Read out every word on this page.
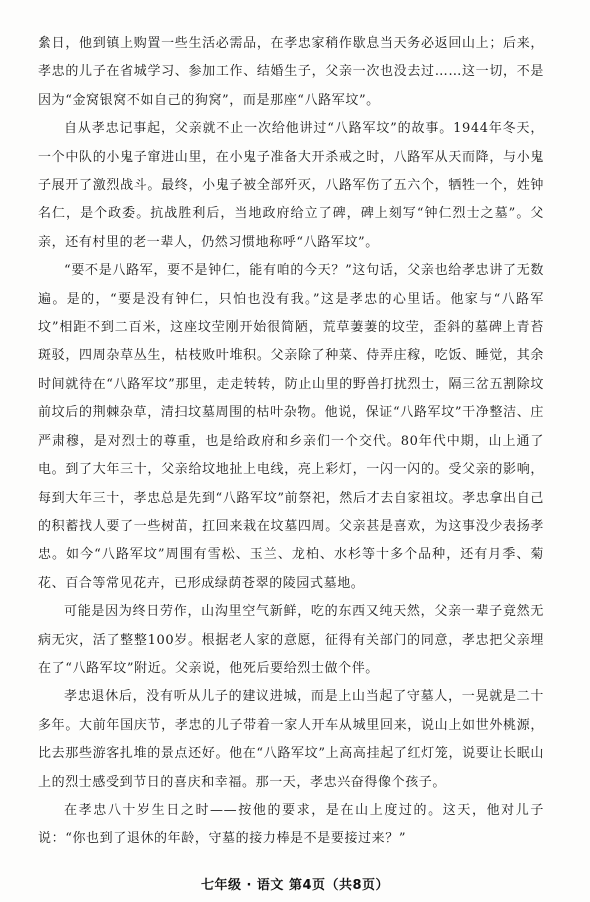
絫日，他到镇上购置一些生活必需品，在孝忠家稍作歇息当天务必返回山上；后来，孝忠的儿子在省城学习、参加工作、结婚生子，父亲一次也没去过……这一切，不是因为“金窝银窝不如自己的狗窝”，而是那座“八路军坟”。

自从孝忠记事起，父亲就不止一次给他讲过“八路军坟”的故事。1944年冬天，一个中队的小鬼子窜进山里，在小鬼子准备大开杀戒之时，八路军从天而降，与小鬼子展开了激烈战斗。最终，小鬼子被全部歼灭，八路军伤了五六个，牺牲一个，姓钟名仁，是个政委。抗战胜利后，当地政府给立了碑，碑上刻写“钟仁烈士之墓”。父亲，还有村里的老一辈人，仍然习惯地称呼“八路军坟”。

“要不是八路军，要不是钟仁，能有咱的今天？”这句话，父亲也给孝忠讲了无数遍。是的，“要是没有钟仁，只怕也没有我。”这是孝忠的心里话。他家与“八路军坟”相距不到二百米，这座坟茔刚开始很简陋，荒草萋萋的坟茔，歪斜的墓碑上青苔斑驳，四周杂草丛生，枯枝败叶堆积。父亲除了种菜、侍弄庄稼，吃饭、睡觉，其余时间就待在“八路军坟”那里，走走转转，防止山里的野兽打扰烈士，隔三岔五割除坟前坟后的荆棘杂草，清扫坟墓周围的枯叶杂物。他说，保证“八路军坟”干净整洁、庄严肃穆，是对烈士的尊重，也是给政府和乡亲们一个交代。80年代中期，山上通了电。到了大年三十，父亲给坟地扯上电线，亮上彩灯，一闪一闪的。受父亲的影响，每到大年三十，孝忠总是先到“八路军坟”前祭祀，然后才去自家祖坟。孝忠拿出自己的积蓄找人要了一些树苗，扛回来栽在坟墓四周。父亲甚是喜欢，为这事没少表扬孝忠。如今“八路军坟”周围有雪松、玉兰、龙柏、水杉等十多个品种，还有月季、菊花、百合等常见花卉，已形成绿荫苍翠的陵园式墓地。

可能是因为终日劳作，山沟里空气新鲜，吃的东西又纯天然，父亲一辈子竟然无病无灾，活了整整100岁。根据老人家的意愿，征得有关部门的同意，孝忠把父亲埋在了“八路军坟”附近。父亲说，他死后要给烈士做个伴。

孝忠退休后，没有听从儿子的建议进城，而是上山当起了守墓人，一晃就是二十多年。大前年国庆节，孝忠的儿子带着一家人开车从城里回来，说山上如世外桃源，比去那些游客扎堆的景点还好。他在“八路军坟”上高高挂起了红灯笼，说要让长眠山上的烈士感受到节日的喜庆和幸福。那一天，孝忠兴奋得像个孩子。

在孝忠八十岁生日之时——按他的要求，是在山上度过的。这天，他对儿子说：“你也到了退休的年龄，守墓的接力棒是不是要接过来？”

七年级 · 语文 第4页（共8页）
